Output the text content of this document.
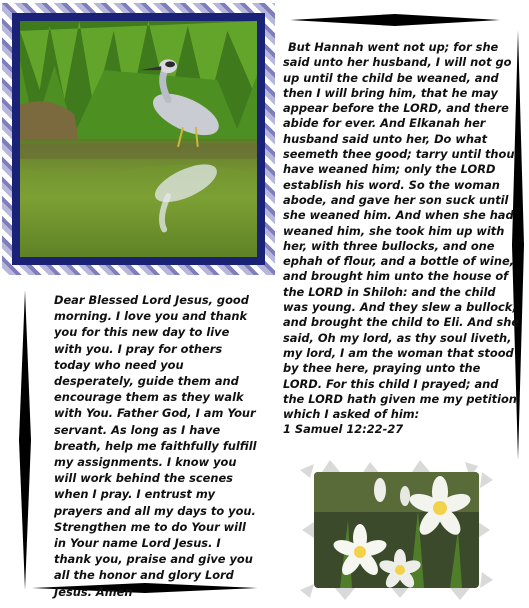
But Hannah went not up; for she said unto her husband, I will not go up until the child be weaned, and then I will bring him, that he may appear before the LORD, and there abide for ever. And Elkanah her husband said unto her, Do what seemeth thee good; tarry until thou have weaned him; only the LORD establish his word. So the woman abode, and gave her son suck until she weaned him. And when she had weaned him, she took him up with her, with three bullocks, and one ephah of flour, and a bottle of wine, and brought him unto the house of the LORD in Shiloh: and the child was young. And they slew a bullock, and brought the child to Eli. And she said, Oh my lord, as thy soul liveth, my lord, I am the woman that stood by thee here, praying unto the LORD. For this child I prayed; and the LORD hath given me my petition which I asked of him:
1 Samuel 12:22-27

Dear Blessed Lord Jesus, good morning. I love you and thank you for this new day to live with you. I pray for others today who need you desperately, guide them and encourage them as they walk with You. Father God, I am Your servant. As long as I have breath, help me faithfully fulfill my assignments. I know you will work behind the scenes when I pray. I entrust my prayers and all my days to you. Strengthen me to do Your will in Your name Lord Jesus. I thank you, praise and give you all the honor and glory Lord Jesus. Amen
